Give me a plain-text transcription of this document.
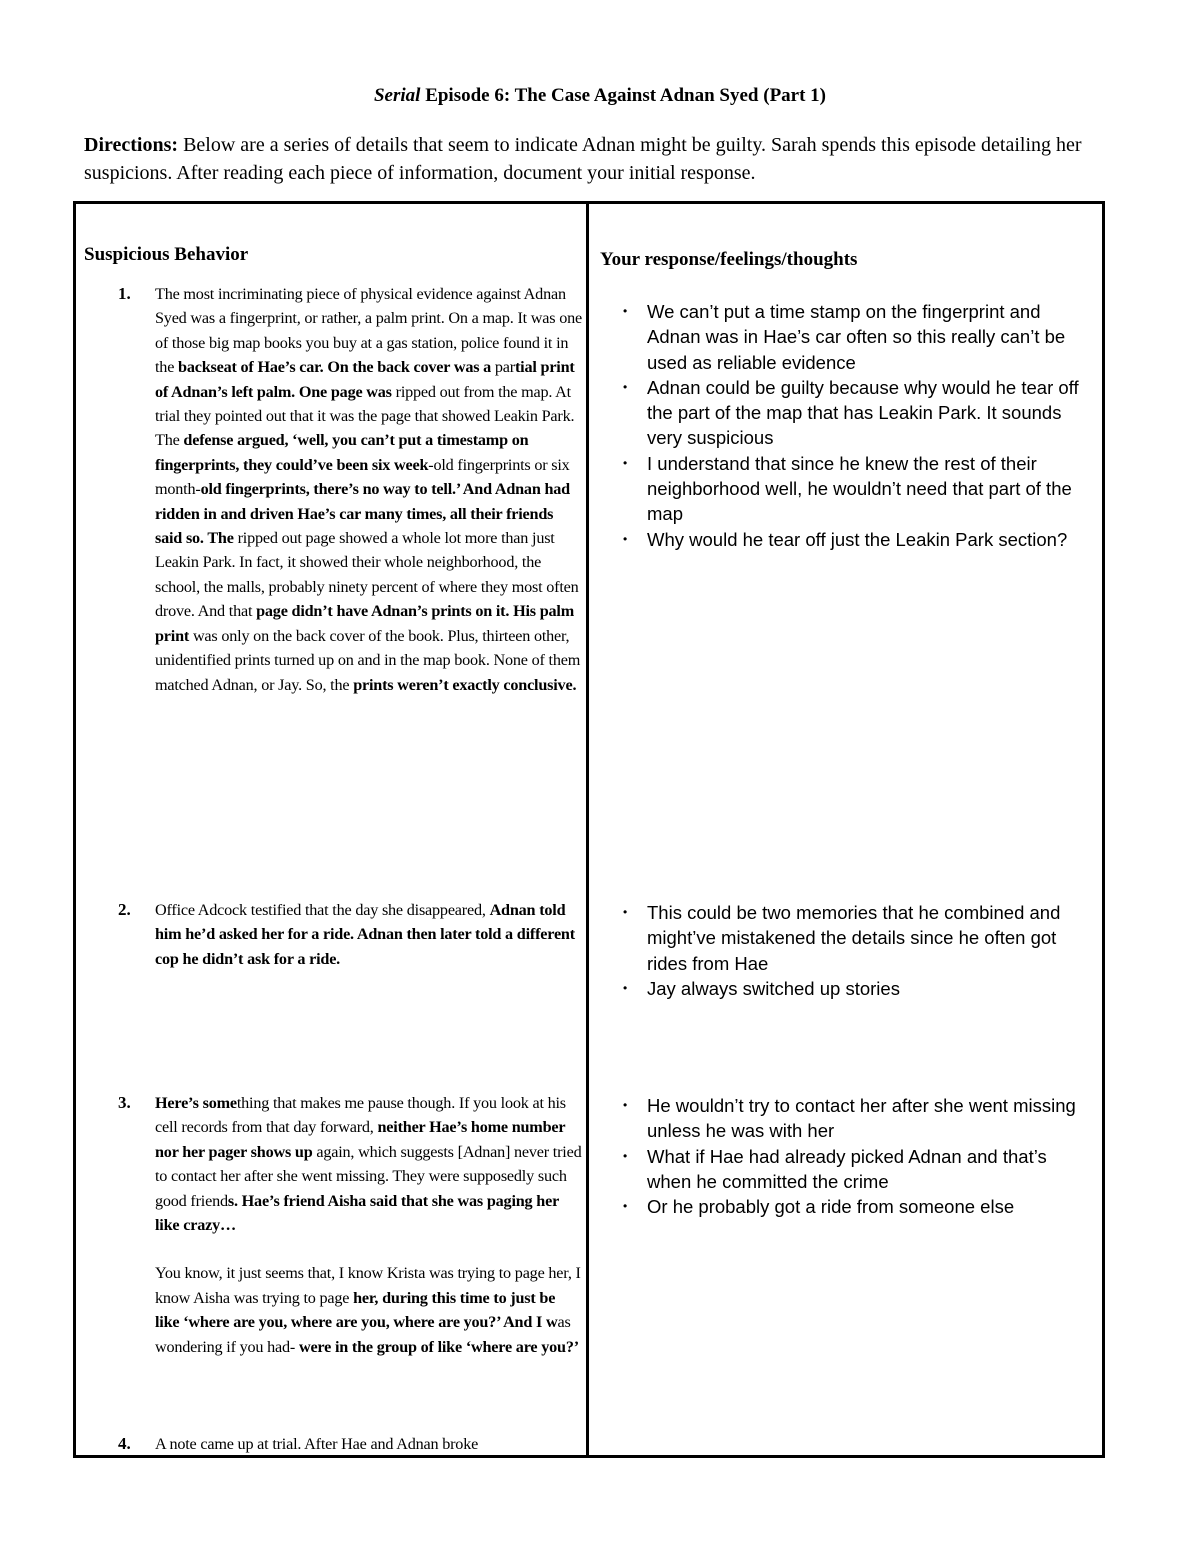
Serial Episode 6: The Case Against Adnan Syed (Part 1)
Directions: Below are a series of details that seem to indicate Adnan might be guilty. Sarah spends this episode detailing her suspicions. After reading each piece of information, document your initial response.
Suspicious Behavior	Your response/feelings/thoughts
1. The most incriminating piece of physical evidence against Adnan Syed was a fingerprint, or rather, a palm print. On a map. It was one of those big map books you buy at a gas station, police found it in the backseat of Hae’s car. On the back cover was a partial print of Adnan’s left palm. One page was ripped out from the map. At trial they pointed out that it was the page that showed Leakin Park. The defense argued, ‘well, you can’t put a timestamp on fingerprints, they could’ve been six week-old fingerprints or six month-old fingerprints, there’s no way to tell.’ And Adnan had ridden in and driven Hae’s car many times, all their friends said so. The ripped out page showed a whole lot more than just Leakin Park. In fact, it showed their whole neighborhood, the school, the malls, probably ninety percent of where they most often drove. And that page didn’t have Adnan’s prints on it. His palm print was only on the back cover of the book. Plus, thirteen other, unidentified prints turned up on and in the map book. None of them matched Adnan, or Jay. So, the prints weren’t exactly conclusive.

• We can’t put a time stamp on the fingerprint and Adnan was in Hae’s car often so this really can’t be used as reliable evidence
• Adnan could be guilty because why would he tear off the part of the map that has Leakin Park. It sounds very suspicious
• I understand that since he knew the rest of their neighborhood well, he wouldn’t need that part of the map
• Why would he tear off just the Leakin Park section?
2. Office Adcock testified that the day she disappeared, Adnan told him he’d asked her for a ride. Adnan then later told a different cop he didn’t ask for a ride.

• This could be two memories that he combined and might’ve mistakened the details since he often got rides from Hae
• Jay always switched up stories
3. Here’s something that makes me pause though. If you look at his cell records from that day forward, neither Hae’s home number nor her pager shows up again, which suggests [Adnan] never tried to contact her after she went missing. They were supposedly such good friends. Hae’s friend Aisha said that she was paging her like crazy…

You know, it just seems that, I know Krista was trying to page her, I know Aisha was trying to page her, during this time to just be like ‘where are you, where are you, where are you?’ And I was wondering if you had- were in the group of like ‘where are you?’

• He wouldn’t try to contact her after she went missing unless he was with her
• What if Hae had already picked Adnan and that’s when he committed the crime
• Or he probably got a ride from someone else
4. A note came up at trial. After Hae and Adnan broke
